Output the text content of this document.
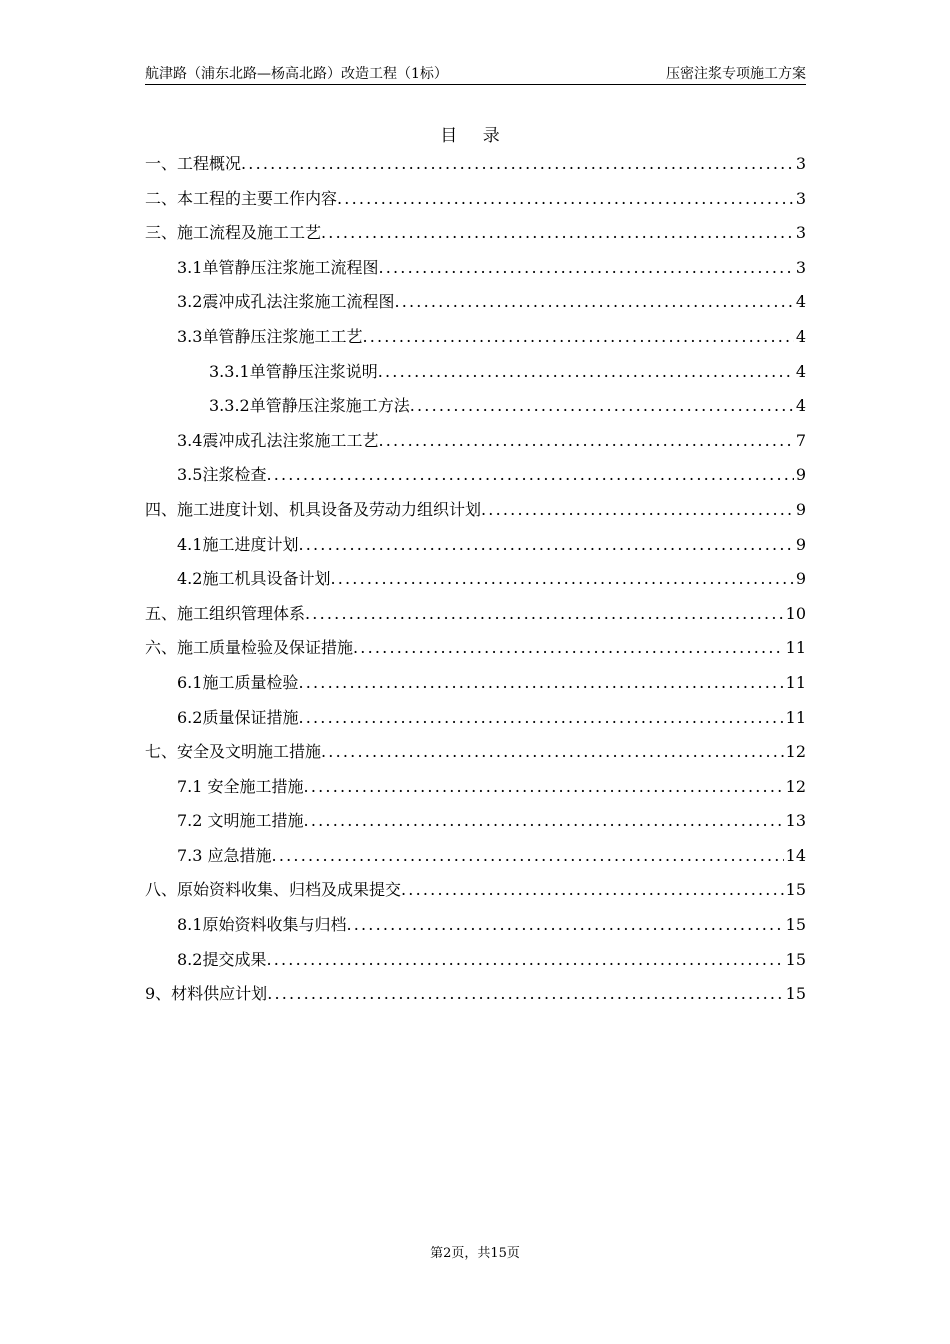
航津路（浦东北路—杨高北路）改造工程（1标）	压密注浆专项施工方案
目 录
一、工程概况 .....	3
二、本工程的主要工作内容 .....	3
三、施工流程及施工工艺 .....	3
3.1单管静压注浆施工流程图 .....	3
3.2震冲成孔法注浆施工流程图 .....	4
3.3单管静压注浆施工工艺 .....	4
3.3.1单管静压注浆说明 .....	4
3.3.2单管静压注浆施工方法 .....	4
3.4震冲成孔法注浆施工工艺 .....	7
3.5注浆检查 .....	9
四、施工进度计划、机具设备及劳动力组织计划 .....	9
4.1施工进度计划 .....	9
4.2施工机具设备计划 .....	9
五、施工组织管理体系 .....	10
六、施工质量检验及保证措施 .....	11
6.1施工质量检验 .....	11
6.2质量保证措施 .....	11
七、安全及文明施工措施 .....	12
7.1 安全施工措施 .....	12
7.2 文明施工措施 .....	13
7.3 应急措施 .....	14
八、原始资料收集、归档及成果提交 .....	15
8.1原始资料收集与归档 .....	15
8.2提交成果 .....	15
9、材料供应计划 .....	15
第2页，共15页
